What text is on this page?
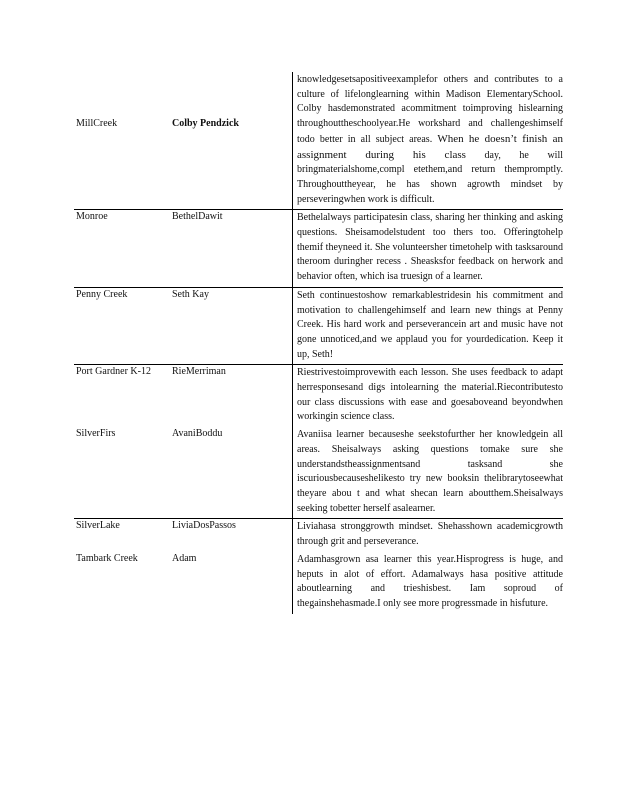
MillCreek	Colby Pendzick	knowledgesetsapositiveexamplefor others and contributes to a culture of lifelonglearning within Madison ElementarySchool. Colby hasdemonstrated acommitment toimproving hislearning throughouttheschoolyear.He workshard and challengeshimself todo better in all subject areas. When he doesn’t finish an assignment during his class day, he will bringmaterialshome,compl etethem,and return thempromptly. Throughouttheyear, he has shown agrowth mindset by perseveringwhen work is difficult.
Monroe	BethelDawit	Bethelalways participatesin class, sharing her thinking and asking questions. Sheisamodelstudent too thers too. Offeringtohelp themif theyneed it. She volunteersher timetohelp with tasksaround theroom duringher recess . Sheasksfor feedback on herwork and behavior often, which isa truesign of a learner.
Penny Creek	Seth Kay	Seth continuestoshow remarkablestridesin his commitment and motivation to challengehimself and learn new things at Penny Creek. His hard work and perseverancein art and music have not gone unnoticed,and we applaud you for yourdedication. Keep it up, Seth!
Port Gardner K-12	RieMerriman	Riestrivestoimprovewith each lesson. She uses feedback to adapt herresponsesand digs intolearning the material.Riecontributesto our class discussions with ease and goesaboveand beyondwhen workingin science class.
SilverFirs	AvaniBoddu	Avaniisa learner becauseshe seekstofurther her knowledgein all areas. Sheisalways asking questions tomake sure she understandstheassignmentsand tasksand she iscuriousbecauseshelikesto try new booksin thelibrarytoseewhat theyare abou t and what shecan learn aboutthem.Sheisalways seeking tobetter herself asalearner.
SilverLake	LiviaDosPassos	Liviahasa stronggrowth mindset. Shehasshown academicgrowth through grit and perseverance.
Tambark Creek	Adam	Adamhasgrown asa learner this year.Hisprogress is huge, and heputs in alot of effort. Adamalways hasa positive attitude aboutlearning and trieshisbest. Iam soproud of thegainshehasmade.I only see more progressmade in hisfuture.
